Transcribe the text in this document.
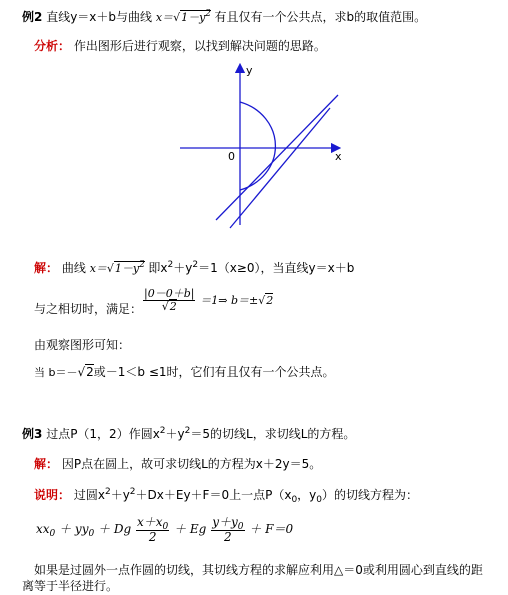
例2 直线y＝x＋b与曲线 $x=√1-y^2$ 有且仅有一个公共点，求b的取值范围。
分析： 作出图形后进行观察，以找到解决问题的思路。
y
x
0
解： 曲线 $x=√1-y^2$ 即$x^2+y^2=1(x\ge 0)$，当直线y＝x＋b
与之相切时，满足： $\frac{|0-0+b|}{√2}$ ＝1⇒ b＝±√2
由观察图形可知：
当 b＝－√2或－1＜b ≤1时，它们有且仅有一个公共点。
例3 过点P（1，2）作圆$x^2+y^2=5$的切线L，求切线L的方程。
解： 因P点在圆上，故可求切线L的方程为x＋2y＝5。
说明： 过圆$x^2+y^2+Dx+Ey+F=0$上一点$P(x_0$，$y_0$）的切线方程为：
$xx_0 + yy_0 + Dg \frac{x+x_0}{2} + Eg \frac{y+y_0}{2} + F=0$
如果是过圆外一点作圆的切线，其切线方程的求解应利用△＝0或利用圆心到直线的距
离等于半径进行。
